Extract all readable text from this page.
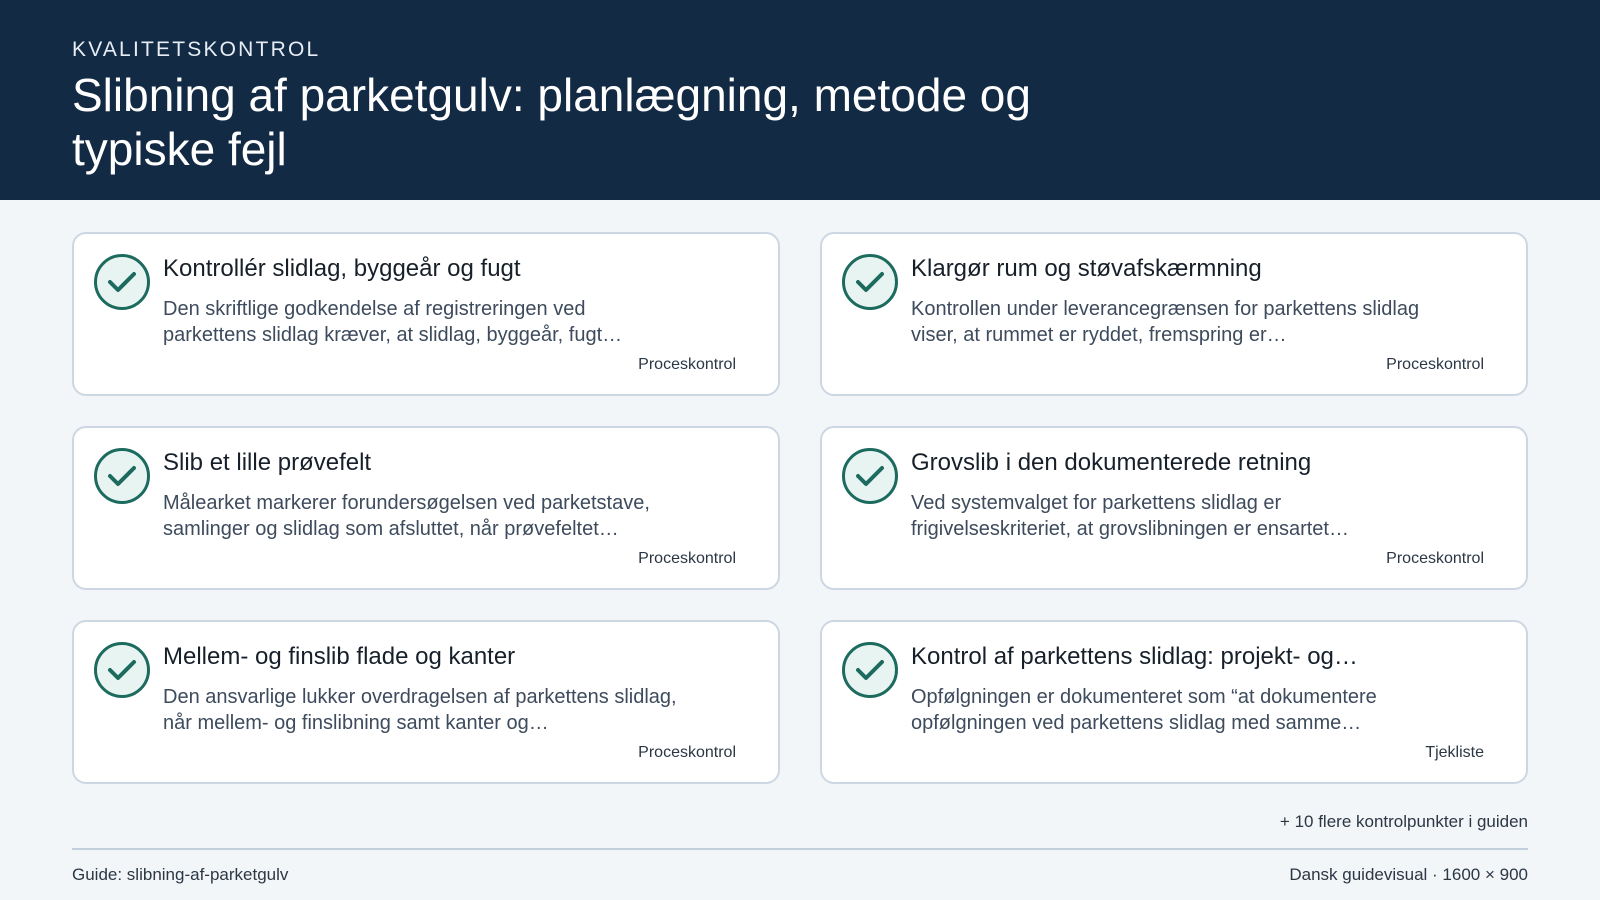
KVALITETSKONTROL
Slibning af parketgulv: planlægning, metode og typiske fejl
Kontrollér slidlag, byggeår og fugt
Den skriftlige godkendelse af registreringen ved parkettens slidlag kræver, at slidlag, byggeår, fugt…
Proceskontrol
Klargør rum og støvafskærmning
Kontrollen under leverancegrænsen for parkettens slidlag viser, at rummet er ryddet, fremspring er…
Proceskontrol
Slib et lille prøvefelt
Målearket markerer forundersøgelsen ved parketstave, samlinger og slidlag som afsluttet, når prøvefeltet…
Proceskontrol
Grovslib i den dokumenterede retning
Ved systemvalget for parkettens slidlag er frigivelseskriteriet, at grovslibningen er ensartet…
Proceskontrol
Mellem- og finslib flade og kanter
Den ansvarlige lukker overdragelsen af parkettens slidlag, når mellem- og finslibning samt kanter og…
Proceskontrol
Kontrol af parkettens slidlag: projekt- og…
Opfølgningen er dokumenteret som “at dokumentere opfølgningen ved parkettens slidlag med samme…
Tjekliste
+ 10 flere kontrolpunkter i guiden
Guide: slibning-af-parketgulv	Dansk guidevisual · 1600 × 900
